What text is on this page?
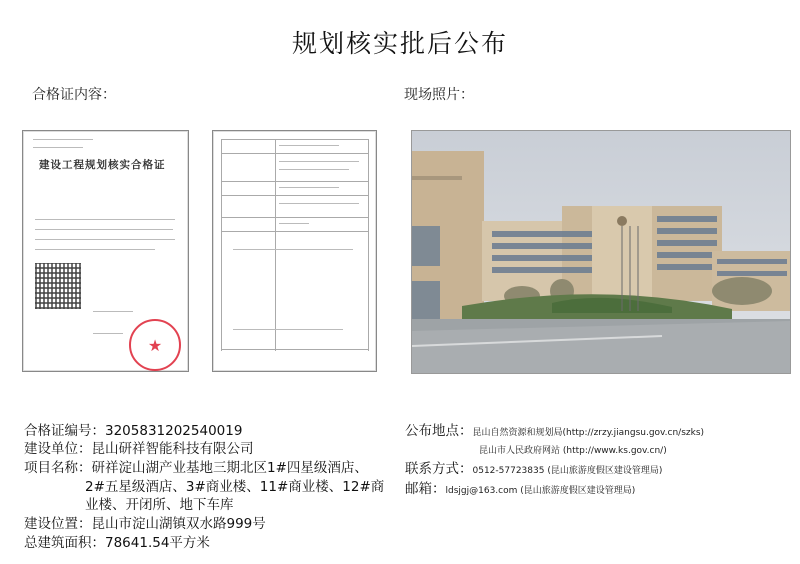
规划核实批后公布
合格证内容：	现场照片：
建设工程规划核实合格证
★
合格证编号：3205831202540019
建设单位：昆山研祥智能科技有限公司
项目名称：研祥淀山湖产业基地三期北区1#四星级酒店、
2#五星级酒店、3#商业楼、11#商业楼、12#商
业楼、开闭所、地下车库
建设位置：昆山市淀山湖镇双水路999号
总建筑面积：78641.54平方米
公布地点：昆山自然资源和规划局(http://zrzy.jiangsu.gov.cn/szks)
昆山市人民政府网站 (http://www.ks.gov.cn/)
联系方式：0512-57723835 (昆山旅游度假区建设管理局)
邮箱：ldsjgj@163.com (昆山旅游度假区建设管理局)
